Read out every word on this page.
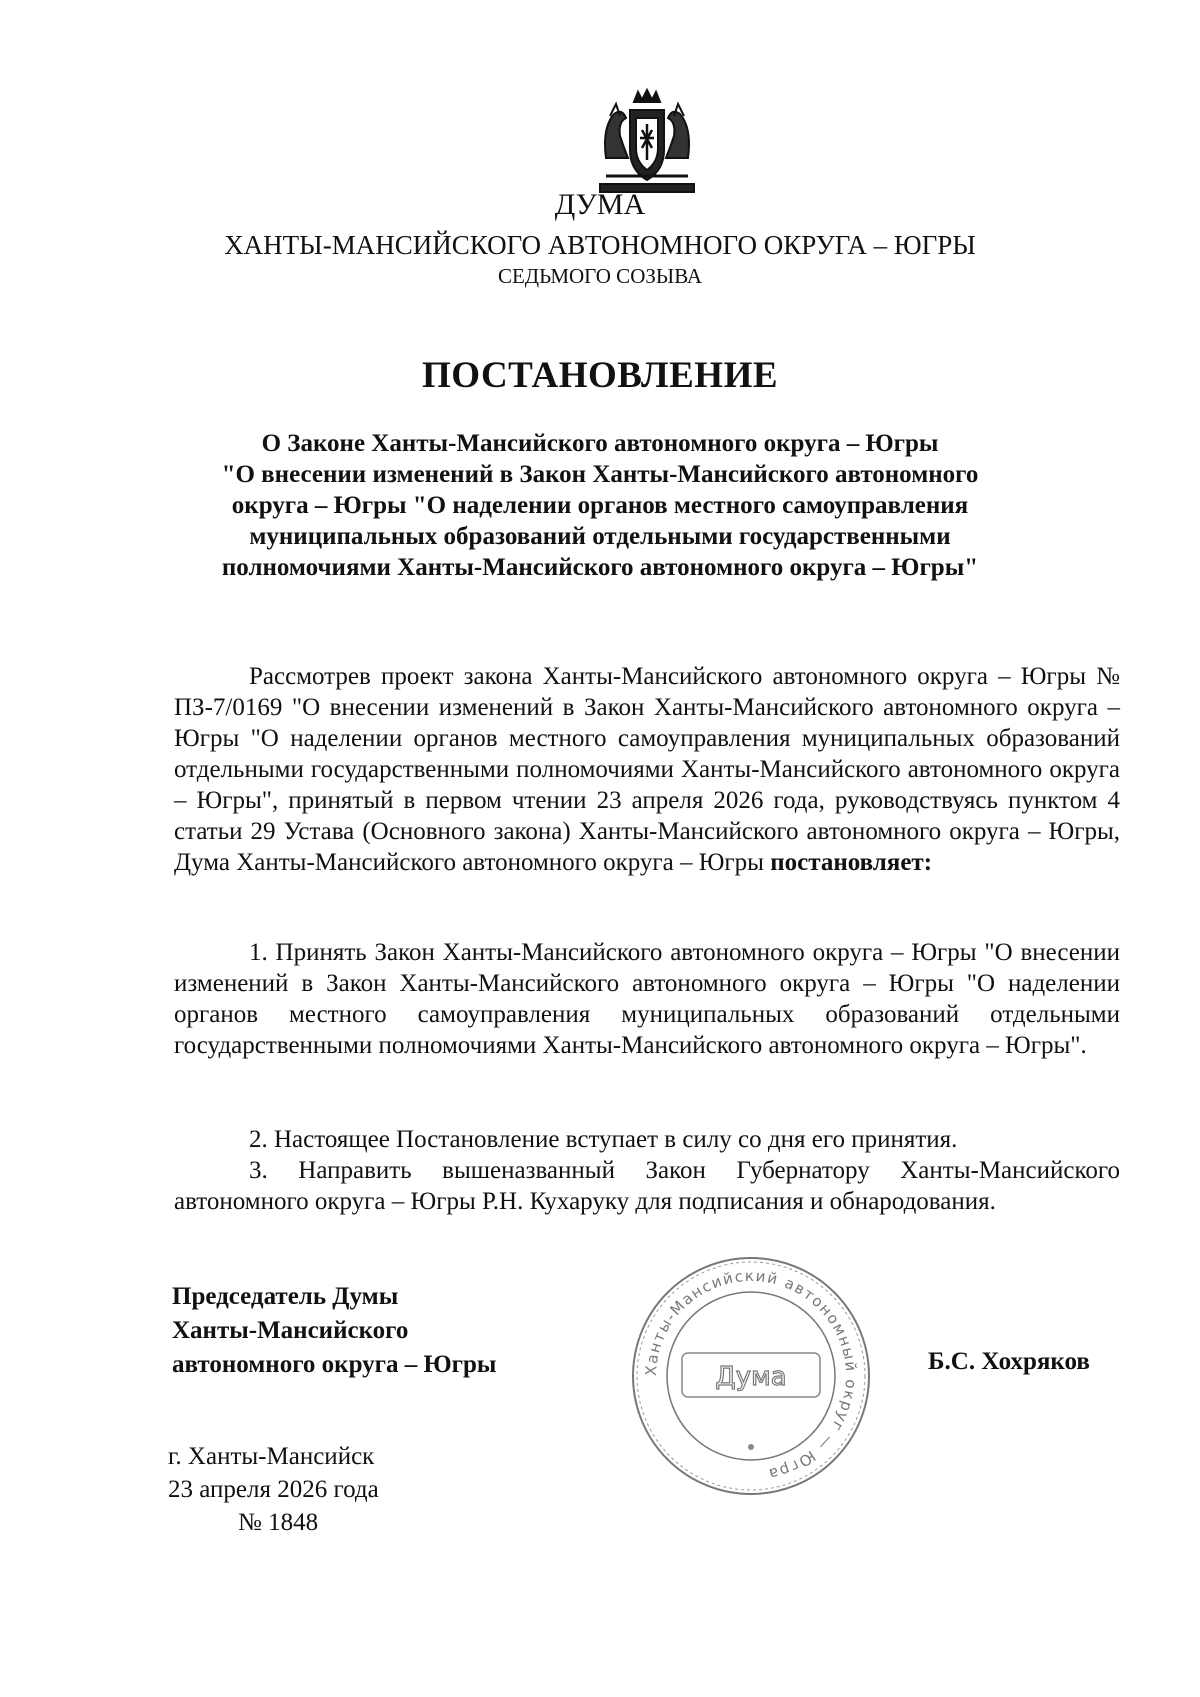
ДУМА
ХАНТЫ-МАНСИЙСКОГО АВТОНОМНОГО ОКРУГА – ЮГРЫ
СЕДЬМОГО СОЗЫВА
ПОСТАНОВЛЕНИЕ
О Законе Ханты-Мансийского автономного округа – Югры
"О внесении изменений в Закон Ханты-Мансийского автономного
округа – Югры "О наделении органов местного самоуправления
муниципальных образований отдельными государственными
полномочиями Ханты-Мансийского автономного округа – Югры"

Рассмотрев проект закона Ханты-Мансийского автономного округа – Югры № ПЗ-7/0169 "О внесении изменений в Закон Ханты-Мансийского автономного округа – Югры "О наделении органов местного самоуправления муниципальных образований отдельными государственными полномочиями Ханты-Мансийского автономного округа – Югры", принятый в первом чтении 23 апреля 2026 года, руководствуясь пунктом 4 статьи 29 Устава (Основного закона) Ханты-Мансийского автономного округа – Югры, Дума Ханты-Мансийского автономного округа – Югры постановляет:

1. Принять Закон Ханты-Мансийского автономного округа – Югры "О внесении изменений в Закон Ханты-Мансийского автономного округа – Югры "О наделении органов местного самоуправления муниципальных образований отдельными государственными полномочиями Ханты-Мансийского автономного округа – Югры".

2. Настоящее Постановление вступает в силу со дня его принятия.

3. Направить вышеназванный Закон Губернатору Ханты-Мансийского автономного округа – Югры Р.Н. Кухаруку для подписания и обнародования.

Председатель Думы
Ханты-Мансийского
автономного округа – Югры	Ханты-Мансийский автономный округ — Югра
Дума
Б.С. Хохряков
г. Ханты-Мансийск
23 апреля 2026 года
№ 1848
